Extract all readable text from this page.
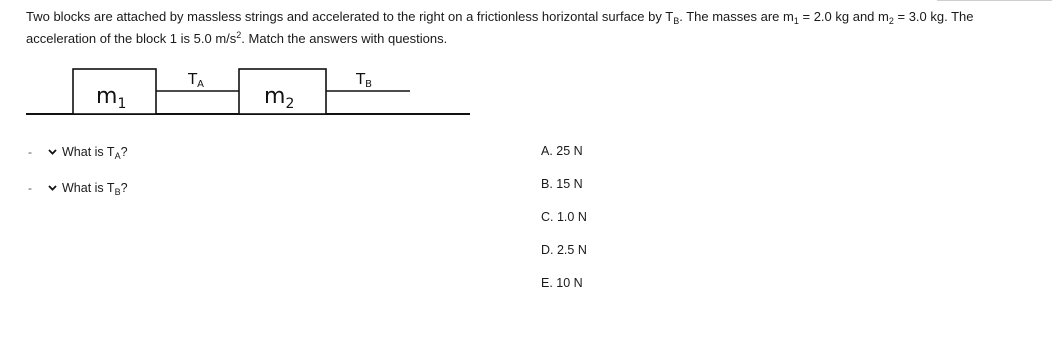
Two blocks are attached by massless strings and accelerated to the right on a frictionless horizontal surface by $T_B$. The masses are $m_1 = 2.0$ kg and $m_2 = 3.0$ kg. The acceleration of the block 1 is 5.0 $m/s^2$. Match the answers with questions.
$m_1$	$m_2$
$T_A$	$T_B$
-	What is $T_A$?
-	What is $T_B$?
A. 25 N
B. 15 N
C. 1.0 N
D. 2.5 N
E. 10 N
